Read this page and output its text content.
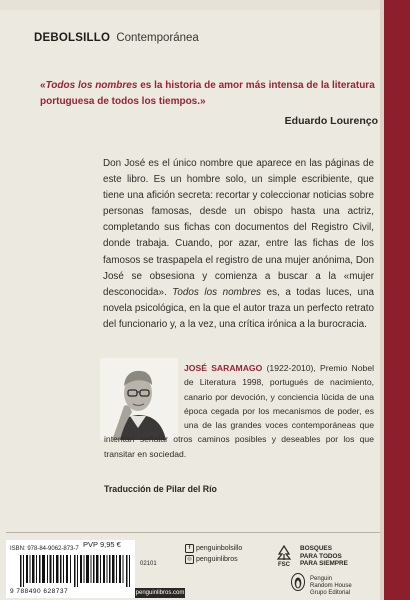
DEBOLSILLO Contemporánea

«Todos los nombres es la historia de amor más intensa de la literatura portuguesa de todos los tiempos.»

Eduardo Lourenço

Don José es el único nombre que aparece en las páginas de este libro. Es un hombre solo, un simple escribiente, que tiene una afición secreta: recortar y coleccionar noticias sobre personas famosas, desde un obispo hasta una actriz, completando sus fichas con documentos del Registro Civil, donde trabaja. Cuando, por azar, entre las fichas de los famosos se traspapela el registro de una mujer anónima, Don José se obsesiona y comienza a buscar a la «mujer desconocida». Todos los nombres es, a todas luces, una novela psicológica, en la que el autor traza un perfecto retrato del funcionario y, a la vez, una crítica irónica a la burocracia.
JOSÉ SARAMAGO (1922-2010), Premio Nobel de Literatura 1998, portugués de nacimiento, canario por devoción, y conciencia lúcida de una época cegada por los mecanismos de poder, es una de las grandes voces contemporáneas que intentan señalar otros caminos posibles y deseables por los que transitar en sociedad.
Traducción de Pilar del Río
ISBN: 978-84-9062-873-7 PVP 9,95 €
9 788490 628737
02101
penguinlibros.com
f penguinbolsillo
◎ penguinlibros
FSC
BOSQUES
PARA TODOS
PARA SIEMPRE
Penguin
Random House
Grupo Editorial
